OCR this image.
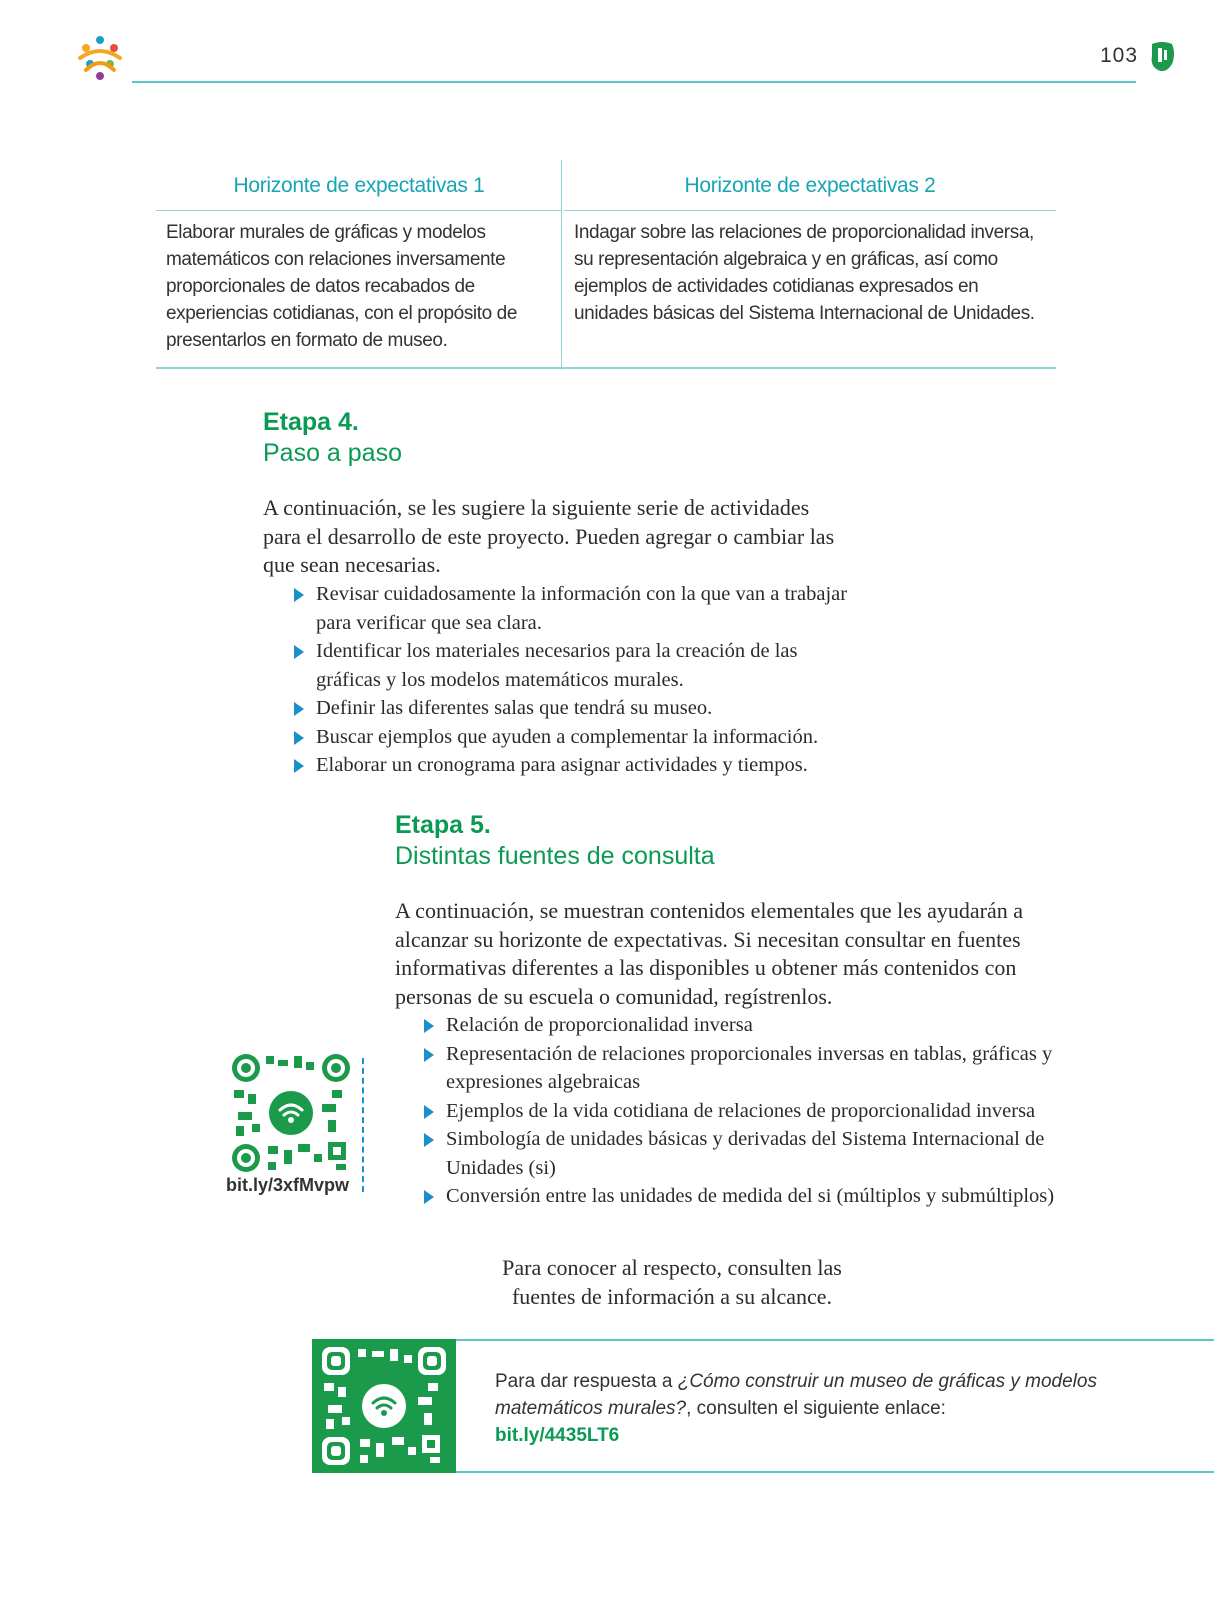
103
Horizonte de expectativas 1
Elaborar murales de gráficas y modelos matemáticos con relaciones inversamente proporcionales de datos recabados de experiencias cotidianas, con el propósito de presentarlos en formato de museo.
Horizonte de expectativas 2
Indagar sobre las relaciones de proporcionalidad inversa, su representación algebraica y en gráficas, así como ejemplos de actividades cotidianas expresados en unidades básicas del Sistema Internacional de Unidades.
Etapa 4.
Paso a paso
A continuación, se les sugiere la siguiente serie de actividades para el desarrollo de este proyecto. Pueden agregar o cambiar las que sean necesarias.
Revisar cuidadosamente la información con la que van a trabajar para verificar que sea clara.
Identificar los materiales necesarios para la creación de las gráficas y los modelos matemáticos murales.
Definir las diferentes salas que tendrá su museo.
Buscar ejemplos que ayuden a complementar la información.
Elaborar un cronograma para asignar actividades y tiempos.
Etapa 5.
Distintas fuentes de consulta
A continuación, se muestran contenidos elementales que les ayudarán a alcanzar su horizonte de expectativas. Si necesitan consultar en fuentes informativas diferentes a las disponibles u obtener más contenidos con personas de su escuela o comunidad, regístrenlos.
Relación de proporcionalidad inversa
Representación de relaciones proporcionales inversas en tablas, gráficas y expresiones algebraicas
Ejemplos de la vida cotidiana de relaciones de proporcionalidad inversa
Simbología de unidades básicas y derivadas del Sistema Internacional de Unidades (si)
Conversión entre las unidades de medida del si (múltiplos y submúltiplos)
Para conocer al respecto, consulten las fuentes de información a su alcance.
bit.ly/3xfMvpw
Para dar respuesta a ¿Cómo construir un museo de gráficas y modelos matemáticos murales?, consulten el siguiente enlace:
bit.ly/4435LT6
